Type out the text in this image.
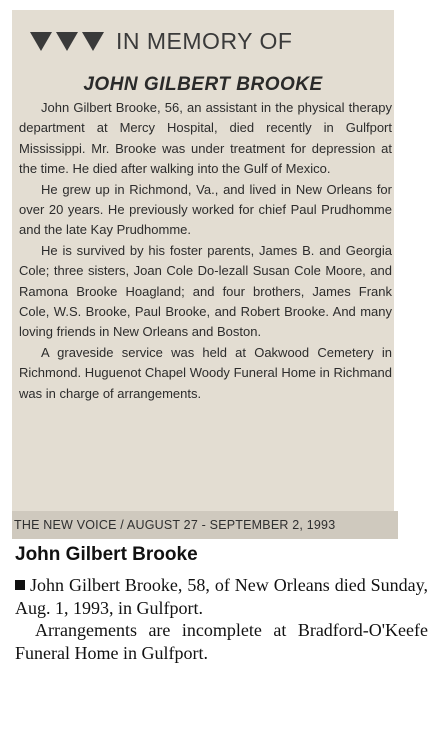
IN MEMORY OF
JOHN GILBERT BROOKE

John Gilbert Brooke, 56, an assistant in the physical therapy department at Mercy Hospital, died recently in Gulfport Mississippi. Mr. Brooke was under treatment for depression at the time. He died after walking into the Gulf of Mexico.

He grew up in Richmond, Va., and lived in New Orleans for over 20 years. He previously worked for chief Paul Prudhomme and the late Kay Prudhomme.

He is survived by his foster parents, James B. and Georgia Cole; three sisters, Joan Cole Do-lezall Susan Cole Moore, and Ramona Brooke Hoagland; and four brothers, James Frank Cole, W.S. Brooke, Paul Brooke, and Robert Brooke. And many loving friends in New Orleans and Boston.

A graveside service was held at Oakwood Cemetery in Richmond. Huguenot Chapel Woody Funeral Home in Richmand was in charge of arrangements.

THE NEW VOICE / AUGUST 27 - SEPTEMBER 2, 1993
John Gilbert Brooke

John Gilbert Brooke, 58, of New Orleans died Sunday, Aug. 1, 1993, in Gulfport.

Arrangements are incomplete at Bradford-O'Keefe Funeral Home in Gulfport.
